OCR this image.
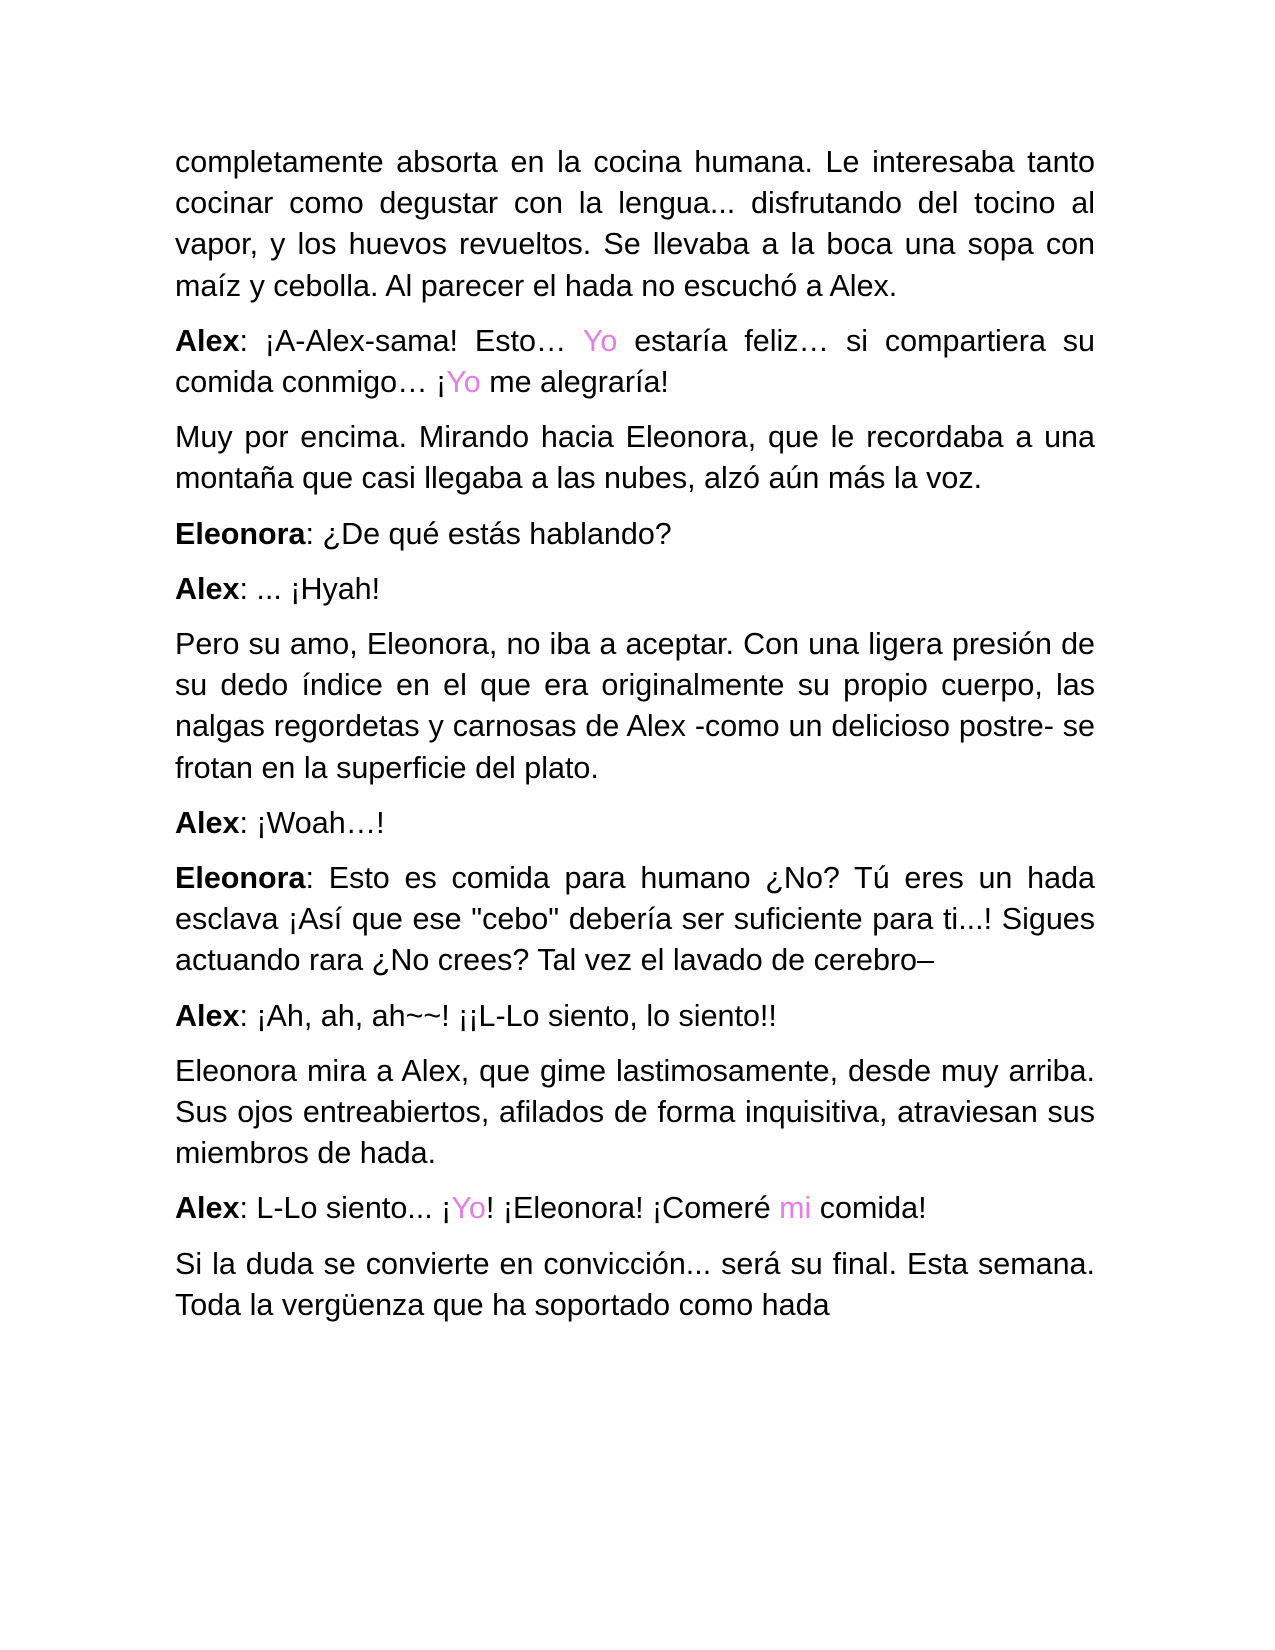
completamente absorta en la cocina humana. Le interesaba tanto cocinar como degustar con la lengua... disfrutando del tocino al vapor, y los huevos revueltos. Se llevaba a la boca una sopa con maíz y cebolla. Al parecer el hada no escuchó a Alex.

Alex: ¡A-Alex-sama! Esto… Yo estaría feliz… si compartiera su comida conmigo… ¡Yo me alegraría!

Muy por encima. Mirando hacia Eleonora, que le recordaba a una montaña que casi llegaba a las nubes, alzó aún más la voz.

Eleonora: ¿De qué estás hablando?

Alex: ... ¡Hyah!

Pero su amo, Eleonora, no iba a aceptar. Con una ligera presión de su dedo índice en el que era originalmente su propio cuerpo, las nalgas regordetas y carnosas de Alex -como un delicioso postre- se frotan en la superficie del plato.

Alex: ¡Woah…!

Eleonora: Esto es comida para humano ¿No? Tú eres un hada esclava ¡Así que ese "cebo" debería ser suficiente para ti...! Sigues actuando rara ¿No crees? Tal vez el lavado de cerebro–

Alex: ¡Ah, ah, ah~~! ¡¡L-Lo siento, lo siento!!

Eleonora mira a Alex, que gime lastimosamente, desde muy arriba. Sus ojos entreabiertos, afilados de forma inquisitiva, atraviesan sus miembros de hada.

Alex: L-Lo siento... ¡Yo! ¡Eleonora! ¡Comeré mi comida!

Si la duda se convierte en convicción... será su final. Esta semana. Toda la vergüenza que ha soportado como hada
